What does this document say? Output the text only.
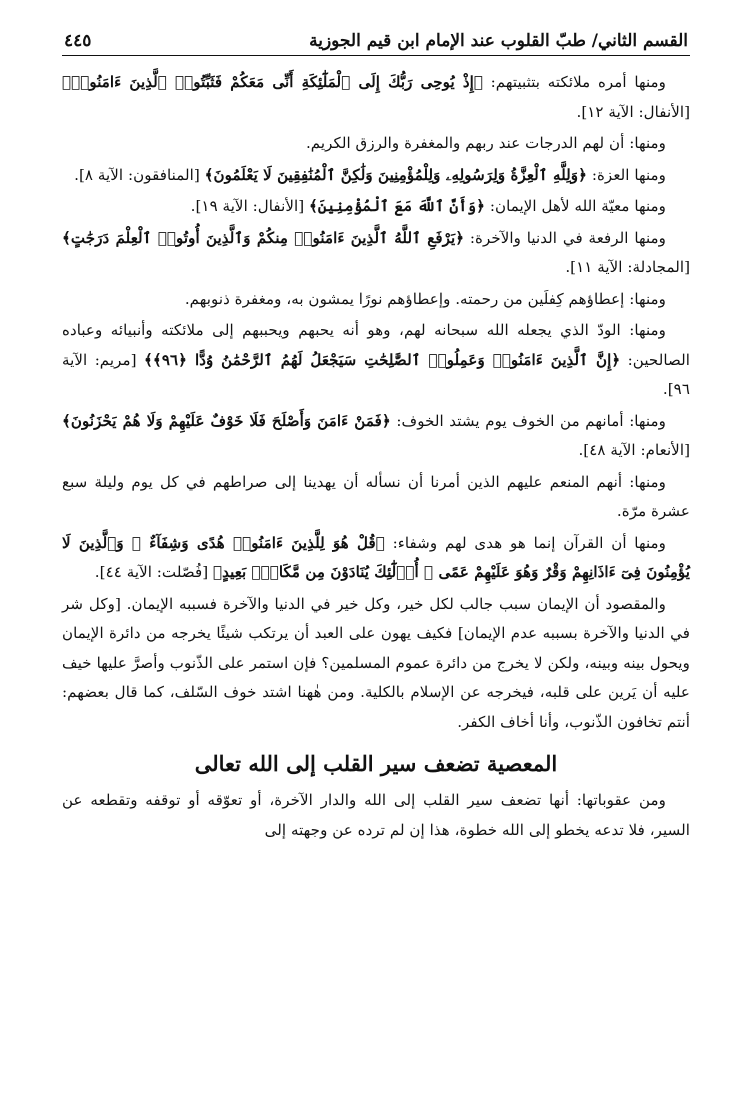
القسم الثاني/ طبّ القلوب عند الإمام ابن قيم الجوزية
٤٤٥

ومنها أمره ملائكته بتثبيتهم: ﴿إِذْ يُوحِى رَبُّكَ إِلَى ٱلْمَلَٰٓئِكَةِ أَنِّى مَعَكُمْ فَثَبِّتُوا۟ ٱلَّذِينَ ءَامَنُوا۟﴾ [الأنفال: الآية ١٢].

ومنها: أن لهم الدرجات عند ربهم والمغفرة والرزق الكريم.

ومنها العزة: ﴿وَلِلَّهِ ٱلْعِزَّةُ وَلِرَسُولِهِۦ وَلِلْمُؤْمِنِينَ وَلَٰكِنَّ ٱلْمُنَٰفِقِينَ لَا يَعْلَمُونَ﴾ [المنافقون: الآية ٨].

ومنها معيّة الله لأهل الإيمان: ﴿وَأَنَّ ٱللَّهَ مَعَ ٱلْمُؤْمِنِينَ﴾ [الأنفال: الآية ١٩].

ومنها الرفعة في الدنيا والآخرة: ﴿يَرْفَعِ ٱللَّهُ ٱلَّذِينَ ءَامَنُوا۟ مِنكُمْ وَٱلَّذِينَ أُوتُوا۟ ٱلْعِلْمَ دَرَجَٰتٍ﴾ [المجادلة: الآية ١١].

ومنها: إعطاؤهم كِفلَين من رحمته. وإعطاؤهم نورًا يمشون به، ومغفرة ذنوبهم.

ومنها: الودّ الذي يجعله الله سبحانه لهم، وهو أنه يحبهم ويحببهم إلى ملائكته وأنبيائه وعباده الصالحين: ﴿إِنَّ ٱلَّذِينَ ءَامَنُوا۟ وَعَمِلُوا۟ ٱلصَّٰلِحَٰتِ سَيَجْعَلُ لَهُمُ ٱلرَّحْمَٰنُ وُدًّا ﴿٩٦﴾﴾ [مريم: الآية ٩٦].

ومنها: أمانهم من الخوف يوم يشتد الخوف: ﴿فَمَنْ ءَامَنَ وَأَصْلَحَ فَلَا خَوْفٌ عَلَيْهِمْ وَلَا هُمْ يَحْزَنُونَ﴾ [الأنعام: الآية ٤٨].

ومنها: أنهم المنعم عليهم الذين أمرنا أن نسأله أن يهدينا إلى صراطهم في كل يوم وليلة سبع عشرة مرّة.

ومنها أن القرآن إنما هو هدى لهم وشفاء: ﴿قُلْ هُوَ لِلَّذِينَ ءَامَنُوا۟ هُدًى وَشِفَآءٌ ۖ وَٱلَّذِينَ لَا يُؤْمِنُونَ فِىٓ ءَاذَانِهِمْ وَقْرٌ وَهُوَ عَلَيْهِمْ عَمًى ۚ أُو۟لَٰٓئِكَ يُنَادَوْنَ مِن مَّكَانٍۭ بَعِيدٍ﴾ [فُصّلت: الآية ٤٤].

والمقصود أن الإيمان سبب جالب لكل خير، وكل خير في الدنيا والآخرة فسببه الإيمان. [وكل شر في الدنيا والآخرة بسببه عدم الإيمان] فكيف يهون على العبد أن يرتكب شيئًا يخرجه من دائرة الإيمان ويحول بينه وبينه، ولكن لا يخرج من دائرة عموم المسلمين؟ فإن استمر على الذّنوب وأصرَّ عليها خيف عليه أن يَرين على قلبه، فيخرجه عن الإسلام بالكلية. ومن هٰهنا اشتد خوف السّلف، كما قال بعضهم: أنتم تخافون الذّنوب، وأنا أخاف الكفر.

المعصية تضعف سير القلب إلى الله تعالى

ومن عقوباتها: أنها تضعف سير القلب إلى الله والدار الآخرة، أو تعوّقه أو توقفه وتقطعه عن السير، فلا تدعه يخطو إلى الله خطوة، هذا إن لم ترده عن وجهته إلى
